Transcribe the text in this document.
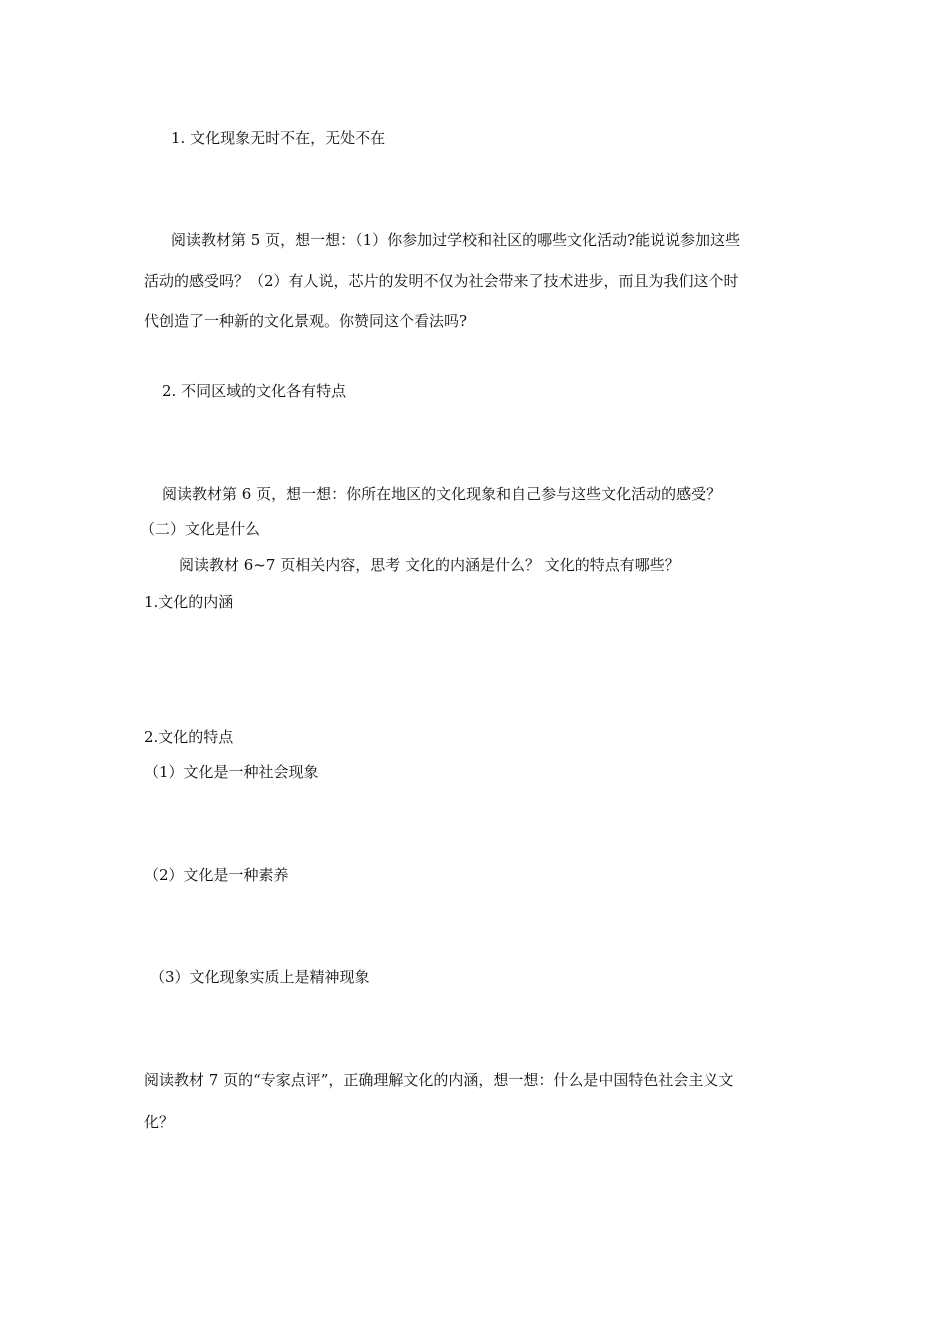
1. 文化现象无时不在，无处不在
阅读教材第 5 页，想一想：（1）你参加过学校和社区的哪些文化活动?能说说参加这些
活动的感受吗？（2）有人说，芯片的发明不仅为社会带来了技术进步，而且为我们这个时
代创造了一种新的文化景观。你赞同这个看法吗?
2. 不同区域的文化各有特点
阅读教材第 6 页，想一想：你所在地区的文化现象和自己参与这些文化活动的感受？
（二）文化是什么
阅读教材 6~7 页相关内容，思考 文化的内涵是什么？ 文化的特点有哪些？
1.文化的内涵
2.文化的特点
（1）文化是一种社会现象
（2）文化是一种素养
（3）文化现象实质上是精神现象
阅读教材 7 页的“专家点评”，正确理解文化的内涵，想一想：什么是中国特色社会主义文
化？
